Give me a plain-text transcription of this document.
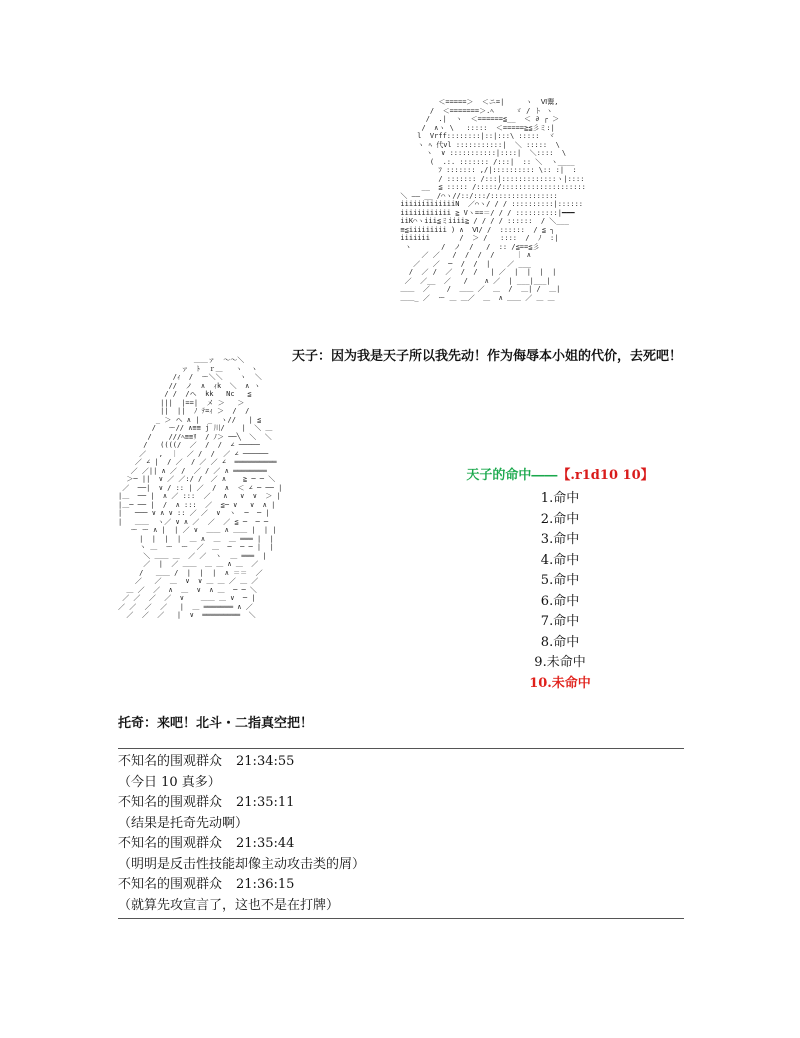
＜=====＞  ＜ニ=|     ヽ  Ⅵ鬻,
/  ＜=======＞.ﾍ     ゞ / ト ヽ
/  .|  ヽ  ＜======≦__  ＜ ∂ ┌ ＞
/  ∧ヽ \   :::::  ＜=====≧≦彡ミ:|
l  Vrff::::::::|::|:::\ :::::  ヾ
ヽ ﾍ 代vl :::::::::::|  ＼ :::::  \
ヽ  ∨ :::::::::::|::::|  ＼::::  \
(  .:. ::::::: /:::|  :: ＼  ヽ____
ﾌ ::::::: ,/|:::::::::: \:: :|  :
/ ::::::: /:::|:::::::::::::ヽ|::::
__  ≦ ::::: /:::::/::::::::::::::::::::
＼ ―― __ /⌒ヽ//::/:::/::::::::::::::::
iiiiiiiiiiiiiN  ／⌒ヽ/ / / ::::::::::|::::::
iiiiiiiiiiii ≧ Vヽ==＝/ / / ::::::::::|━━━
iiK⌒ヽiii≦ミiiii≧ / / / / ::::::  / ＼___
≡≦iiiiiiiii ) ∧  Ⅵ/ /  ::::::  / ≦ ┐
iiiiiii       /  ＞ /   ::::  /  ﾉ  :|
ヽ       /  ノ  /   /  :: /≦==≦彡
／ ／   /  /  /  /     ｜ ∧
／   ／  ─  /  /  |    ／ ___
/  ／ /  ／  /  /   | ／  |  |  |  |
／  ／__  ／   /    ∧ ／  | ___|___|
＿＿  ／    /  ＿＿ ／  ＿  /  ＿| /  ＿|
＿＿_ ／  ー ＿ ＿／  ＿  ∧ ＿＿ ／ ＿ ＿
天子：因为我是天子所以我先动！作为侮辱本小姐的代价，去死吧！
＿＿ァ  ～～＼
ァ  ﾄ  ｒ＿   ヽ  ヽ
/ｨ  /  ー＼＼    ヽ  ＼
//  ノ  ∧  ｨk  ＼  ∧ ヽ
/ /  /ヘ  kk   Nc   ≦
|||  |==|  メ ＞   ＞
||  ||  ﾉ ﾃ=ｨ ＞  /  /
_ ＞ ヘ ∧ |  _  ヽ//   | ≦
/   ー// ∧≡≡ j 川/    |  ＼ ＿
/    ///ﾍ≡≡ﾘ  / ﾉ＞ ──╲  ＼  ＼
/   ((((/  ／  /  /  ∠ ─────
／   ,  ｜  ／ /  /  ／ ∠ ──────
／ ∠ |  / ／  / ／ ／ ∠  ══════════
／ ／|| ∧ ／ /  ／ / ／ ∧ ════════
＞─ ||  ∨ ／ ／:/ /  ／ ∧    ≧ ─ ─ ＼
／  ──|  ∨ / :: | ／  /  ∧  ＜ ∠ ─ ── |
|＿  ── |  ∧ ／ :::  ／   ∧   ∨  ∨  ＞ |
|＿─ ── |  /  ∧ :::  ／  ≦─ ∨   ∨  ∧ |
|   ─── ∨ ∧ ∨ :: ／ ／  ∨  ヽ  ─  ─ |
|   ＿＿  ヽ／ ∨ ∧ ／  ／  ／ ≦ ─  ─ ─
ー ー ∧ |  | ／ ∨  ＿＿ ∧ ＿＿ |  | |
|  |  |  |  ＿ ∧  ＿  ＿ ═══ |  |
ヽ ＿  ー  ー  ／  ＿  ─  ─ ─ |  |
＼ ＿＿ ＿  ／ ／  ヽ  ＿ ═══  |
／  |  ／ ＿＿  ＿ ＿ ∧ ＿  ／
/   ＿＿ /  |  |  |  ∧ ＝＝  ／
／   ／  ＿  ∨  ∨ ＿ ＿ ／ ＿ ／
＿ ／  ／  ∧  ＿  ∨  ∧ ＿  ─ ─ ＼
／ ／  ／  ／  ∨    ＿＿ ＿ ∨  ─ |
／ ／  ／  ／   |  ＿ ═══════ ∧ ／
／  ／  ／   |  ∨  ═════════  ＼
天子的命中――【.r1d10 10】
1.命中
2.命中
3.命中
4.命中
5.命中
6.命中
7.命中
8.命中
9.未命中
10.未命中
托奇：来吧！北斗・二指真空把！
不知名的围观群众 21:34:55
（今日 10 真多）
不知名的围观群众 21:35:11
（结果是托奇先动啊）
不知名的围观群众 21:35:44
（明明是反击性技能却像主动攻击类的屑）
不知名的围观群众 21:36:15
（就算先攻宣言了，这也不是在打牌）
